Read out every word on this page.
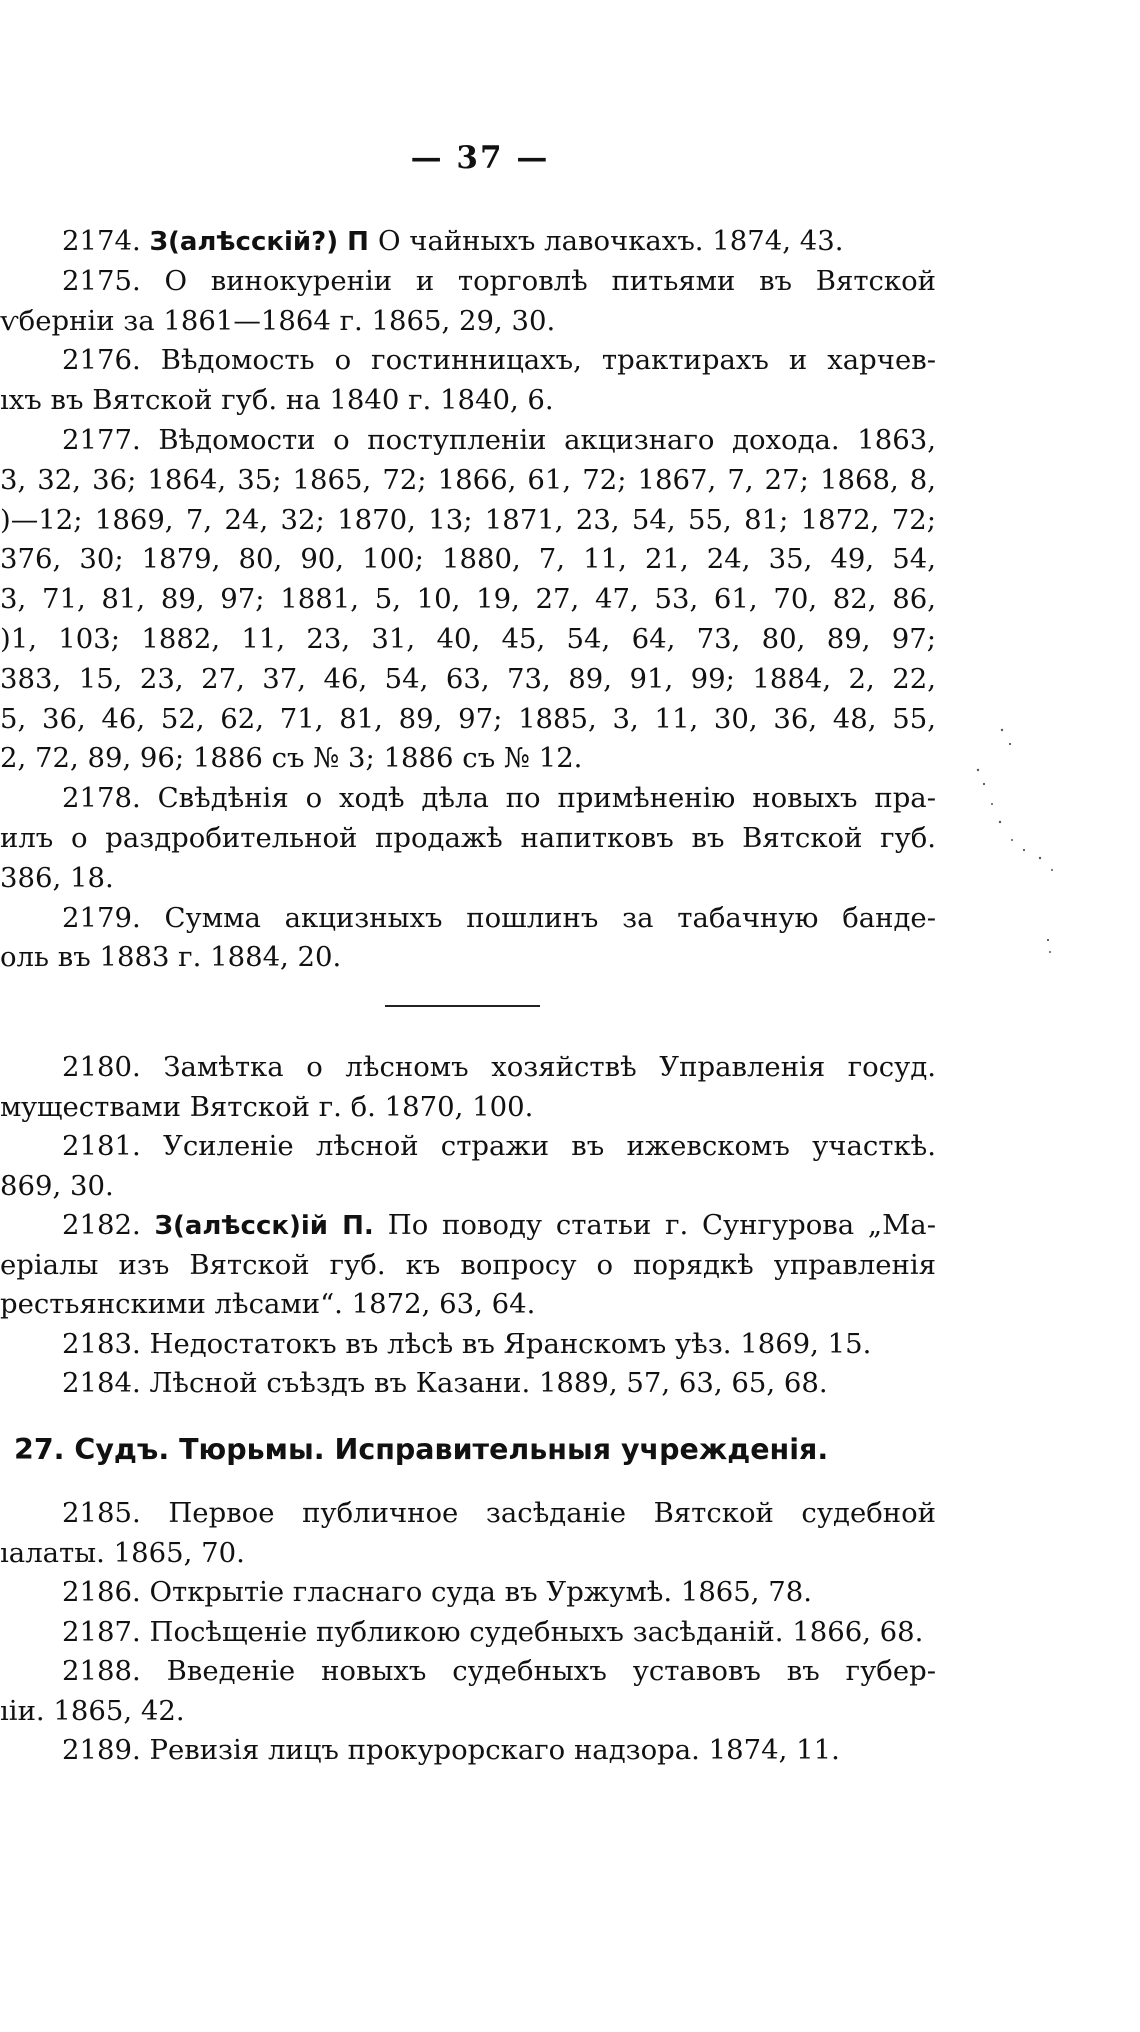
— 37 —
2174. З(алѣсскій?) П О чайныхъ лавочкахъ. 1874, 43.
2175. О винокуреніи и торговлѣ питьями въ Вятской
ѵберніи за 1861—1864 г. 1865, 29, 30.
2176. Вѣдомость о гостинницахъ, трактирахъ и харчев-
ıхъ въ Вятской губ. на 1840 г. 1840, 6.
2177. Вѣдомости о поступленіи акцизнаго дохода. 1863,
3, 32, 36; 1864, 35; 1865, 72; 1866, 61, 72; 1867, 7, 27; 1868, 8,
)—12; 1869, 7, 24, 32; 1870, 13; 1871, 23, 54, 55, 81; 1872, 72;
376, 30; 1879, 80, 90, 100; 1880, 7, 11, 21, 24, 35, 49, 54,
3, 71, 81, 89, 97; 1881, 5, 10, 19, 27, 47, 53, 61, 70, 82, 86,
)1, 103; 1882, 11, 23, 31, 40, 45, 54, 64, 73, 80, 89, 97;
383, 15, 23, 27, 37, 46, 54, 63, 73, 89, 91, 99; 1884, 2, 22,
5, 36, 46, 52, 62, 71, 81, 89, 97; 1885, 3, 11, 30, 36, 48, 55,
2, 72, 89, 96; 1886 съ № 3; 1886 съ № 12.
2178. Свѣдѣнія о ходѣ дѣла по примѣненію новыхъ пра-
илъ о раздробительной продажѣ напитковъ въ Вятской губ.
386, 18.
2179. Сумма акцизныхъ пошлинъ за табачную банде-
оль въ 1883 г. 1884, 20.
2180. Замѣтка о лѣсномъ хозяйствѣ Управленія госуд.
мyществами Вятской г. б. 1870, 100.
2181. Усиленіе лѣсной стражи въ ижевскомъ участкѣ.
869, 30.
2182. З(алѣсск)ій П. По поводу статьи г. Сунгурова „Ма-
еріалы изъ Вятской губ. къ вопросу о порядкѣ управленія
рестьянскими лѣсами“. 1872, 63, 64.
2183. Недостатокъ въ лѣсѣ въ Яранскомъ уѣз. 1869, 15.
2184. Лѣсной съѣздъ въ Казани. 1889, 57, 63, 65, 68.
27. Судъ. Тюрьмы. Исправительныя учрежденія.
2185. Первое публичное засѣданіе Вятской судебной
ıалаты. 1865, 70.
2186. Открытіе гласнаго суда въ Уржумѣ. 1865, 78.
2187. Посѣщеніе публикою судебныхъ засѣданій. 1866, 68.
2188. Введеніе новыхъ судебныхъ уставовъ въ губер-
ıіи. 1865, 42.
2189. Ревизія лицъ прокурорскаго надзора. 1874, 11.
